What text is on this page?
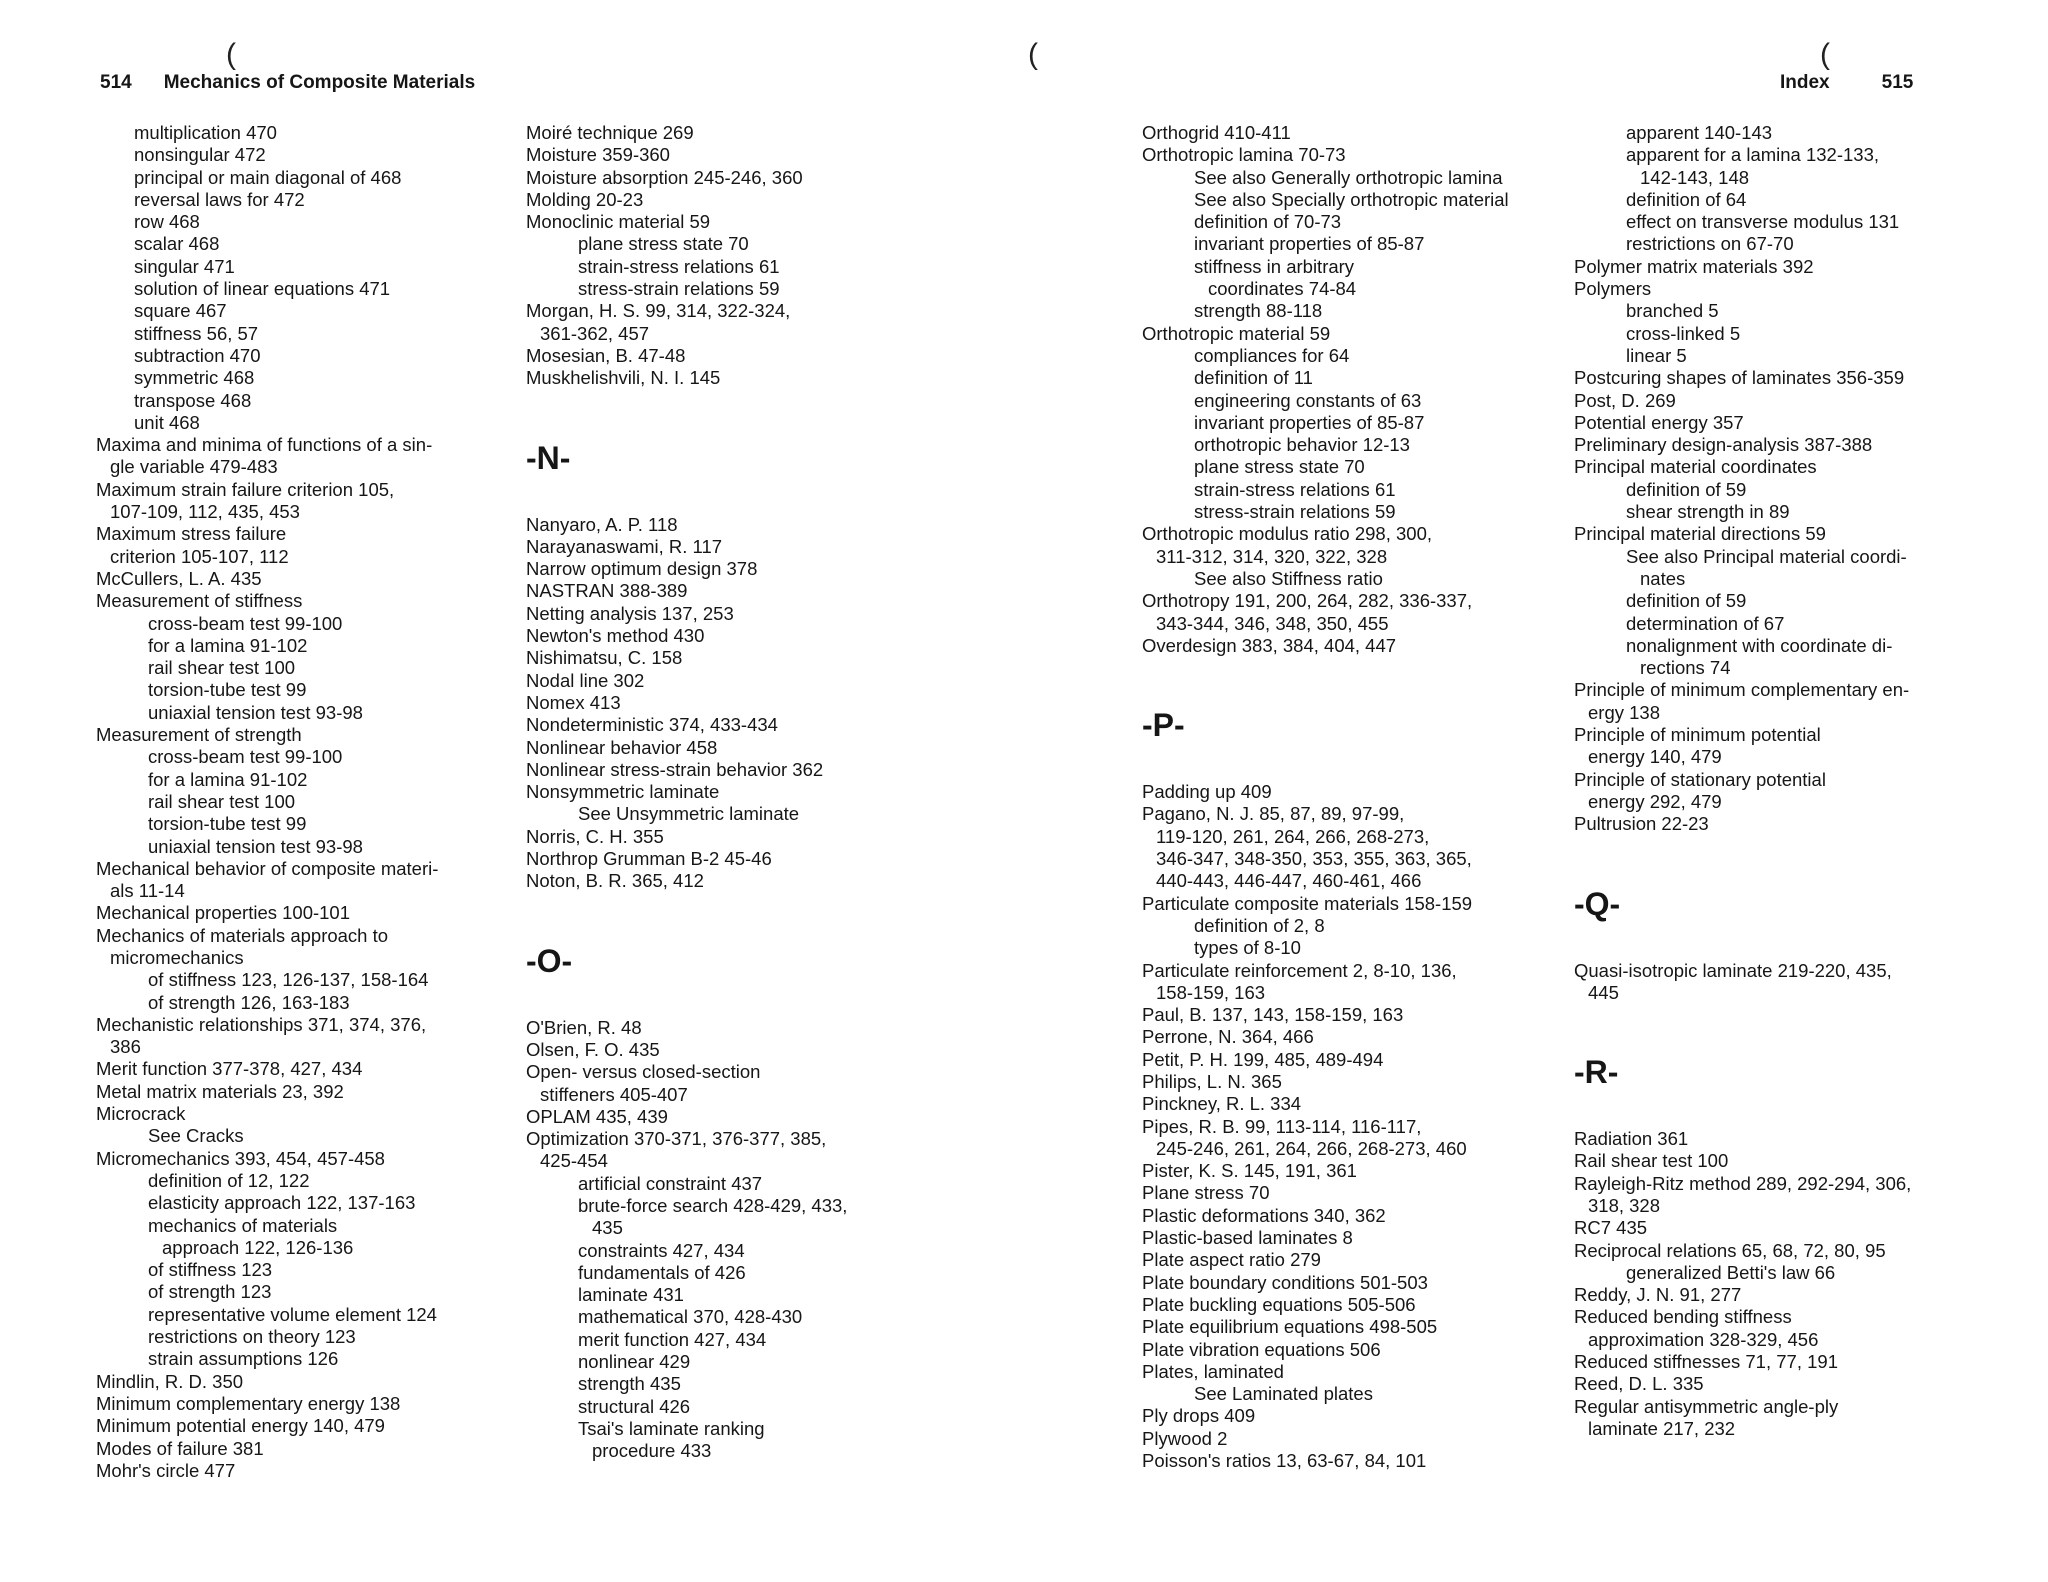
514 Mechanics of Composite Materials	Index	515
(	(	(
multiplication 470
nonsingular 472
principal or main diagonal of 468
reversal laws for 472
row 468
scalar 468
singular 471
solution of linear equations 471
square 467
stiffness 56, 57
subtraction 470
symmetric 468
transpose 468
unit 468
Maxima and minima of functions of a sin-
gle variable 479-483
Maximum strain failure criterion 105,
107-109, 112, 435, 453
Maximum stress failure
criterion 105-107, 112
McCullers, L. A. 435
Measurement of stiffness
cross-beam test 99-100
for a lamina 91-102
rail shear test 100
torsion-tube test 99
uniaxial tension test 93-98
Measurement of strength
cross-beam test 99-100
for a lamina 91-102
rail shear test 100
torsion-tube test 99
uniaxial tension test 93-98
Mechanical behavior of composite materi-
als 11-14
Mechanical properties 100-101
Mechanics of materials approach to
micromechanics
of stiffness 123, 126-137, 158-164
of strength 126, 163-183
Mechanistic relationships 371, 374, 376,
386
Merit function 377-378, 427, 434
Metal matrix materials 23, 392
Microcrack
See Cracks
Micromechanics 393, 454, 457-458
definition of 12, 122
elasticity approach 122, 137-163
mechanics of materials
approach 122, 126-136
of stiffness 123
of strength 123
representative volume element 124
restrictions on theory 123
strain assumptions 126
Mindlin, R. D. 350
Minimum complementary energy 138
Minimum potential energy 140, 479
Modes of failure 381
Mohr's circle 477
Moiré technique 269
Moisture 359-360
Moisture absorption 245-246, 360
Molding 20-23
Monoclinic material 59
plane stress state 70
strain-stress relations 61
stress-strain relations 59
Morgan, H. S. 99, 314, 322-324,
361-362, 457
Mosesian, B. 47-48
Muskhelishvili, N. I. 145
-N-
Nanyaro, A. P. 118
Narayanaswami, R. 117
Narrow optimum design 378
NASTRAN 388-389
Netting analysis 137, 253
Newton's method 430
Nishimatsu, C. 158
Nodal line 302
Nomex 413
Nondeterministic 374, 433-434
Nonlinear behavior 458
Nonlinear stress-strain behavior 362
Nonsymmetric laminate
See Unsymmetric laminate
Norris, C. H. 355
Northrop Grumman B-2 45-46
Noton, B. R. 365, 412
-O-
O'Brien, R. 48
Olsen, F. O. 435
Open- versus closed-section
stiffeners 405-407
OPLAM 435, 439
Optimization 370-371, 376-377, 385,
425-454
artificial constraint 437
brute-force search 428-429, 433,
435
constraints 427, 434
fundamentals of 426
laminate 431
mathematical 370, 428-430
merit function 427, 434
nonlinear 429
strength 435
structural 426
Tsai's laminate ranking
procedure 433
Orthogrid 410-411
Orthotropic lamina 70-73
See also Generally orthotropic lamina
See also Specially orthotropic material
definition of 70-73
invariant properties of 85-87
stiffness in arbitrary
coordinates 74-84
strength 88-118
Orthotropic material 59
compliances for 64
definition of 11
engineering constants of 63
invariant properties of 85-87
orthotropic behavior 12-13
plane stress state 70
strain-stress relations 61
stress-strain relations 59
Orthotropic modulus ratio 298, 300,
311-312, 314, 320, 322, 328
See also Stiffness ratio
Orthotropy 191, 200, 264, 282, 336-337,
343-344, 346, 348, 350, 455
Overdesign 383, 384, 404, 447
-P-
Padding up 409
Pagano, N. J. 85, 87, 89, 97-99,
119-120, 261, 264, 266, 268-273,
346-347, 348-350, 353, 355, 363, 365,
440-443, 446-447, 460-461, 466
Particulate composite materials 158-159
definition of 2, 8
types of 8-10
Particulate reinforcement 2, 8-10, 136,
158-159, 163
Paul, B. 137, 143, 158-159, 163
Perrone, N. 364, 466
Petit, P. H. 199, 485, 489-494
Philips, L. N. 365
Pinckney, R. L. 334
Pipes, R. B. 99, 113-114, 116-117,
245-246, 261, 264, 266, 268-273, 460
Pister, K. S. 145, 191, 361
Plane stress 70
Plastic deformations 340, 362
Plastic-based laminates 8
Plate aspect ratio 279
Plate boundary conditions 501-503
Plate buckling equations 505-506
Plate equilibrium equations 498-505
Plate vibration equations 506
Plates, laminated
See Laminated plates
Ply drops 409
Plywood 2
Poisson's ratios 13, 63-67, 84, 101
apparent 140-143
apparent for a lamina 132-133,
142-143, 148
definition of 64
effect on transverse modulus 131
restrictions on 67-70
Polymer matrix materials 392
Polymers
branched 5
cross-linked 5
linear 5
Postcuring shapes of laminates 356-359
Post, D. 269
Potential energy 357
Preliminary design-analysis 387-388
Principal material coordinates
definition of 59
shear strength in 89
Principal material directions 59
See also Principal material coordi-
nates
definition of 59
determination of 67
nonalignment with coordinate di-
rections 74
Principle of minimum complementary en-
ergy 138
Principle of minimum potential
energy 140, 479
Principle of stationary potential
energy 292, 479
Pultrusion 22-23
-Q-
Quasi-isotropic laminate 219-220, 435,
445
-R-
Radiation 361
Rail shear test 100
Rayleigh-Ritz method 289, 292-294, 306,
318, 328
RC7 435
Reciprocal relations 65, 68, 72, 80, 95
generalized Betti's law 66
Reddy, J. N. 91, 277
Reduced bending stiffness
approximation 328-329, 456
Reduced stiffnesses 71, 77, 191
Reed, D. L. 335
Regular antisymmetric angle-ply
laminate 217, 232
